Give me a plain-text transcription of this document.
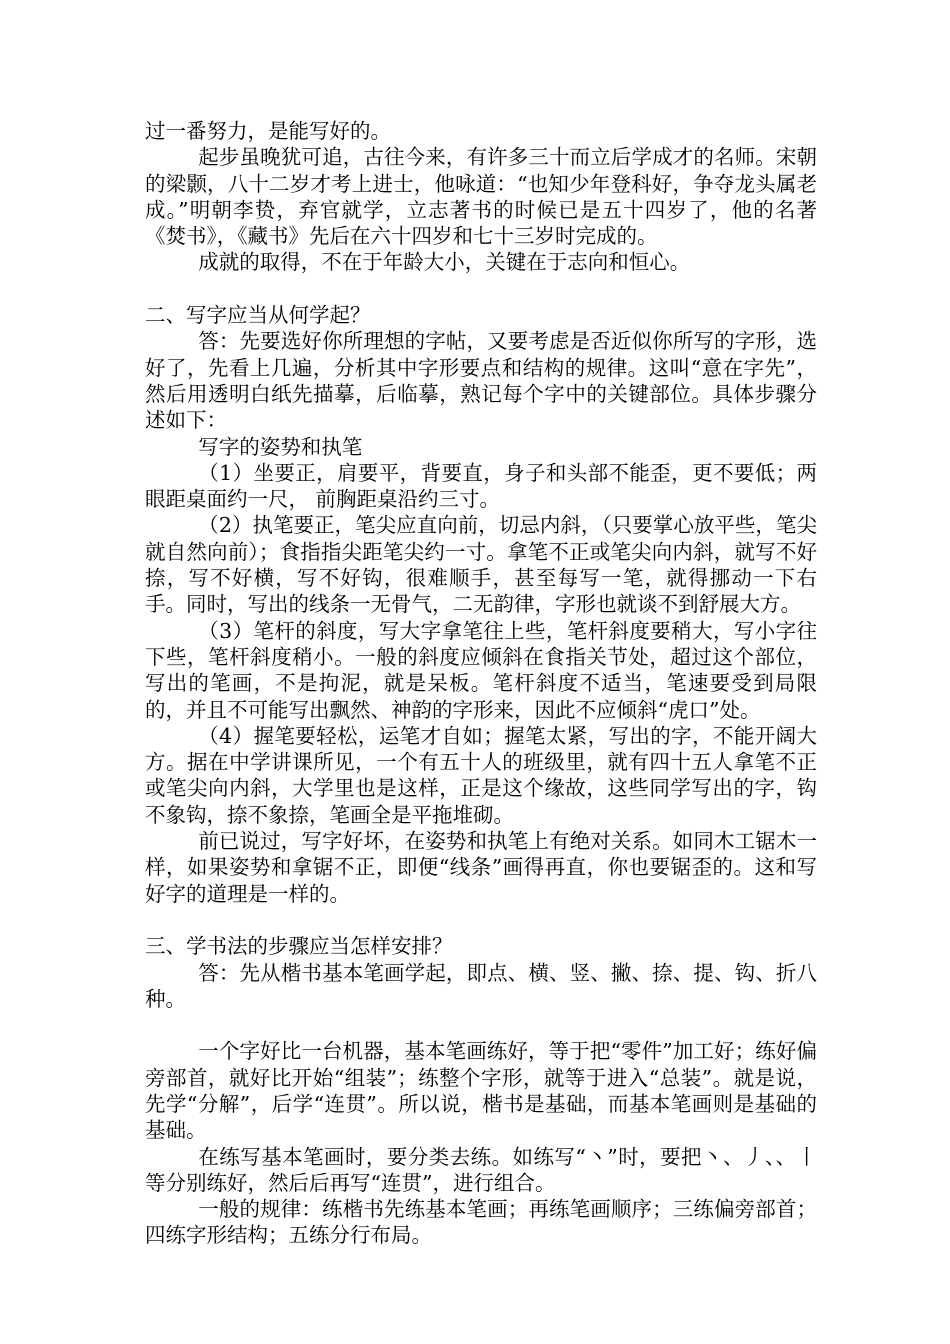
过一番努力，是能写好的。

起步虽晚犹可追，古往今来，有许多三十而立后学成才的名师。宋朝的梁颢，八十二岁才考上进士，他咏道：“也知少年登科好，争夺龙头属老成。”明朝李贽，弃官就学，立志著书的时候已是五十四岁了，他的名著《焚书》，《藏书》先后在六十四岁和七十三岁时完成的。

成就的取得，不在于年龄大小，关键在于志向和恒心。

二、写字应当从何学起？

答：先要选好你所理想的字帖，又要考虑是否近似你所写的字形，选好了，先看上几遍，分析其中字形要点和结构的规律。这叫“意在字先”，然后用透明白纸先描摹，后临摹，熟记每个字中的关键部位。具体步骤分述如下：

写字的姿势和执笔

（1）坐要正，肩要平，背要直，身子和头部不能歪，更不要低；两眼距桌面约一尺， 前胸距桌沿约三寸。

（2）执笔要正，笔尖应直向前，切忌内斜，（只要掌心放平些，笔尖就自然向前）；食指指尖距笔尖约一寸。拿笔不正或笔尖向内斜，就写不好捺，写不好横，写不好钩，很难顺手，甚至每写一笔，就得挪动一下右手。同时，写出的线条一无骨气，二无韵律，字形也就谈不到舒展大方。

（3）笔杆的斜度，写大字拿笔往上些，笔杆斜度要稍大，写小字往下些，笔杆斜度稍小。一般的斜度应倾斜在食指关节处，超过这个部位，写出的笔画，不是拘泥，就是呆板。笔杆斜度不适当，笔速要受到局限的，并且不可能写出飘然、神韵的字形来，因此不应倾斜“虎口”处。

（4）握笔要轻松，运笔才自如；握笔太紧，写出的字，不能开阔大方。据在中学讲课所见，一个有五十人的班级里，就有四十五人拿笔不正或笔尖向内斜，大学里也是这样，正是这个缘故，这些同学写出的字，钩不象钩，捺不象捺，笔画全是平拖堆砌。

前已说过，写字好坏，在姿势和执笔上有绝对关系。如同木工锯木一样，如果姿势和拿锯不正，即便“线条”画得再直，你也要锯歪的。这和写好字的道理是一样的。

三、学书法的步骤应当怎样安排？

答：先从楷书基本笔画学起，即点、横、竖、撇、捺、提、钩、折八种。

一个字好比一台机器，基本笔画练好，等于把“零件”加工好；练好偏旁部首，就好比开始“组装”；练整个字形，就等于进入“总装”。就是说，先学“分解”，后学“连贯”。所以说，楷书是基础，而基本笔画则是基础的基础。

在练写基本笔画时，要分类去练。如练写“丶”时，要把丶、丿、、丨等分别练好，然后后再写“连贯”，进行组合。

一般的规律：练楷书先练基本笔画；再练笔画顺序；三练偏旁部首；四练字形结构；五练分行布局。
